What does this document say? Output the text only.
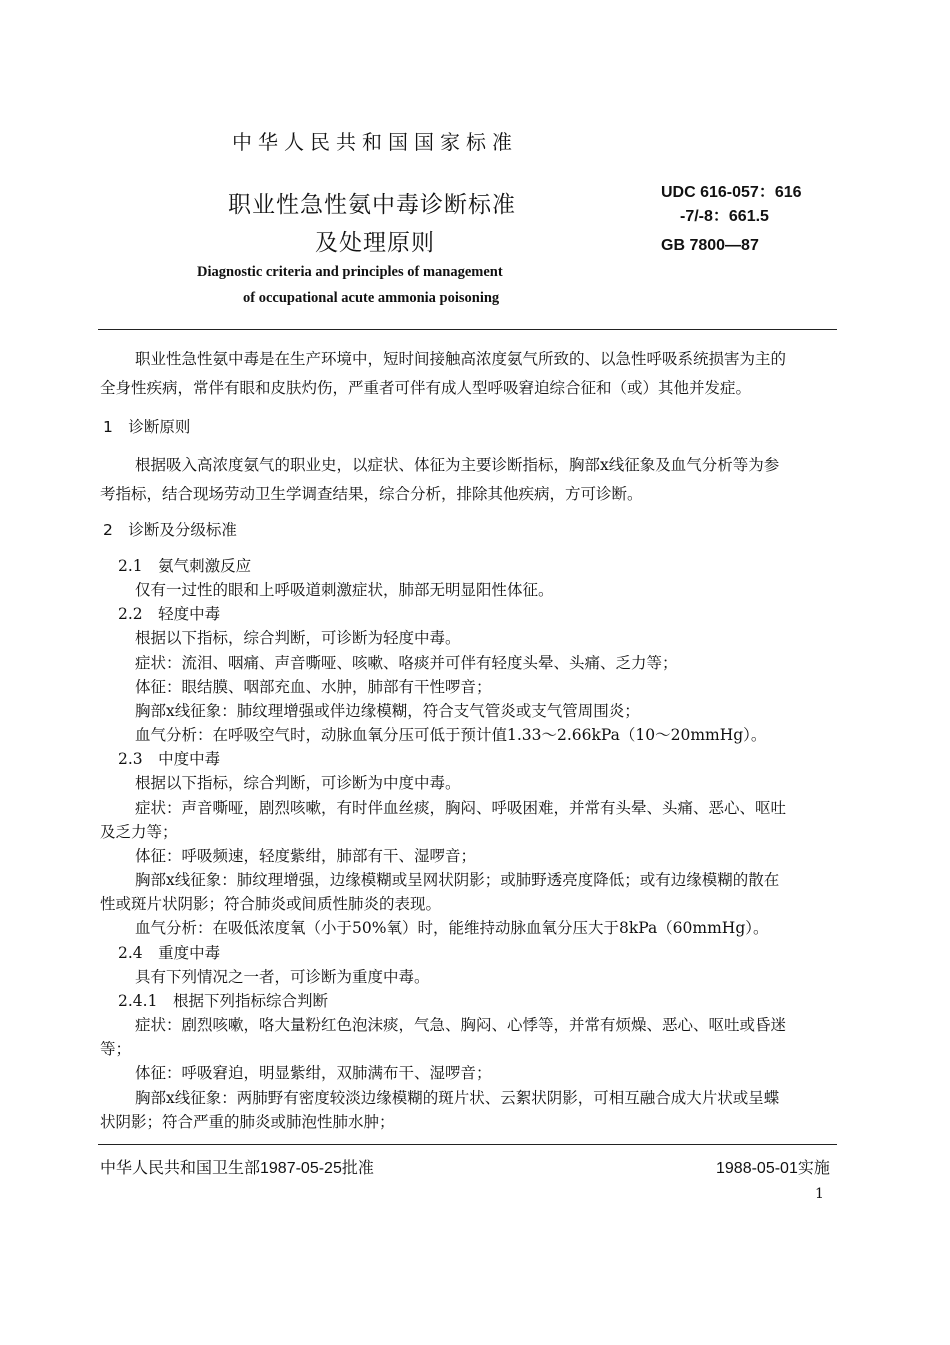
中华人民共和国国家标准
职业性急性氨中毒诊断标准
及处理原则
Diagnostic criteria and principles of management
of occupational acute ammonia poisoning
UDC 616-057：616
-7/-8：661.5
GB 7800—87
职业性急性氨中毒是在生产环境中，短时间接触高浓度氨气所致的、以急性呼吸系统损害为主的
全身性疾病，常伴有眼和皮肤灼伤，严重者可伴有成人型呼吸窘迫综合征和（或）其他并发症。
1　诊断原则
根据吸入高浓度氨气的职业史，以症状、体征为主要诊断指标，胸部x线征象及血气分析等为参
考指标，结合现场劳动卫生学调查结果，综合分析，排除其他疾病，方可诊断。
2　诊断及分级标准
2.1　氨气刺激反应
仅有一过性的眼和上呼吸道刺激症状，肺部无明显阳性体征。
2.2　轻度中毒
根据以下指标，综合判断，可诊断为轻度中毒。
症状：流泪、咽痛、声音嘶哑、咳嗽、咯痰并可伴有轻度头晕、头痛、乏力等；
体征：眼结膜、咽部充血、水肿，肺部有干性啰音；
胸部x线征象：肺纹理增强或伴边缘模糊，符合支气管炎或支气管周围炎；
血气分析：在呼吸空气时，动脉血氧分压可低于预计值1.33～2.66kPa（10～20mmHg）。
2.3　中度中毒
根据以下指标，综合判断，可诊断为中度中毒。
症状：声音嘶哑，剧烈咳嗽，有时伴血丝痰，胸闷、呼吸困难，并常有头晕、头痛、恶心、呕吐
及乏力等；
体征：呼吸频速，轻度紫绀，肺部有干、湿啰音；
胸部x线征象：肺纹理增强，边缘模糊或呈网状阴影；或肺野透亮度降低；或有边缘模糊的散在
性或斑片状阴影；符合肺炎或间质性肺炎的表现。
血气分析：在吸低浓度氧（小于50%氧）时，能维持动脉血氧分压大于8kPa（60mmHg）。
2.4　重度中毒
具有下列情况之一者，可诊断为重度中毒。
2.4.1　根据下列指标综合判断
症状：剧烈咳嗽，咯大量粉红色泡沫痰，气急、胸闷、心悸等，并常有烦燥、恶心、呕吐或昏迷
等；
体征：呼吸窘迫，明显紫绀，双肺满布干、湿啰音；
胸部x线征象：两肺野有密度较淡边缘模糊的斑片状、云絮状阴影，可相互融合成大片状或呈蝶
状阴影；符合严重的肺炎或肺泡性肺水肿；
中华人民共和国卫生部1987-05-25批准	1988-05-01实施
1
